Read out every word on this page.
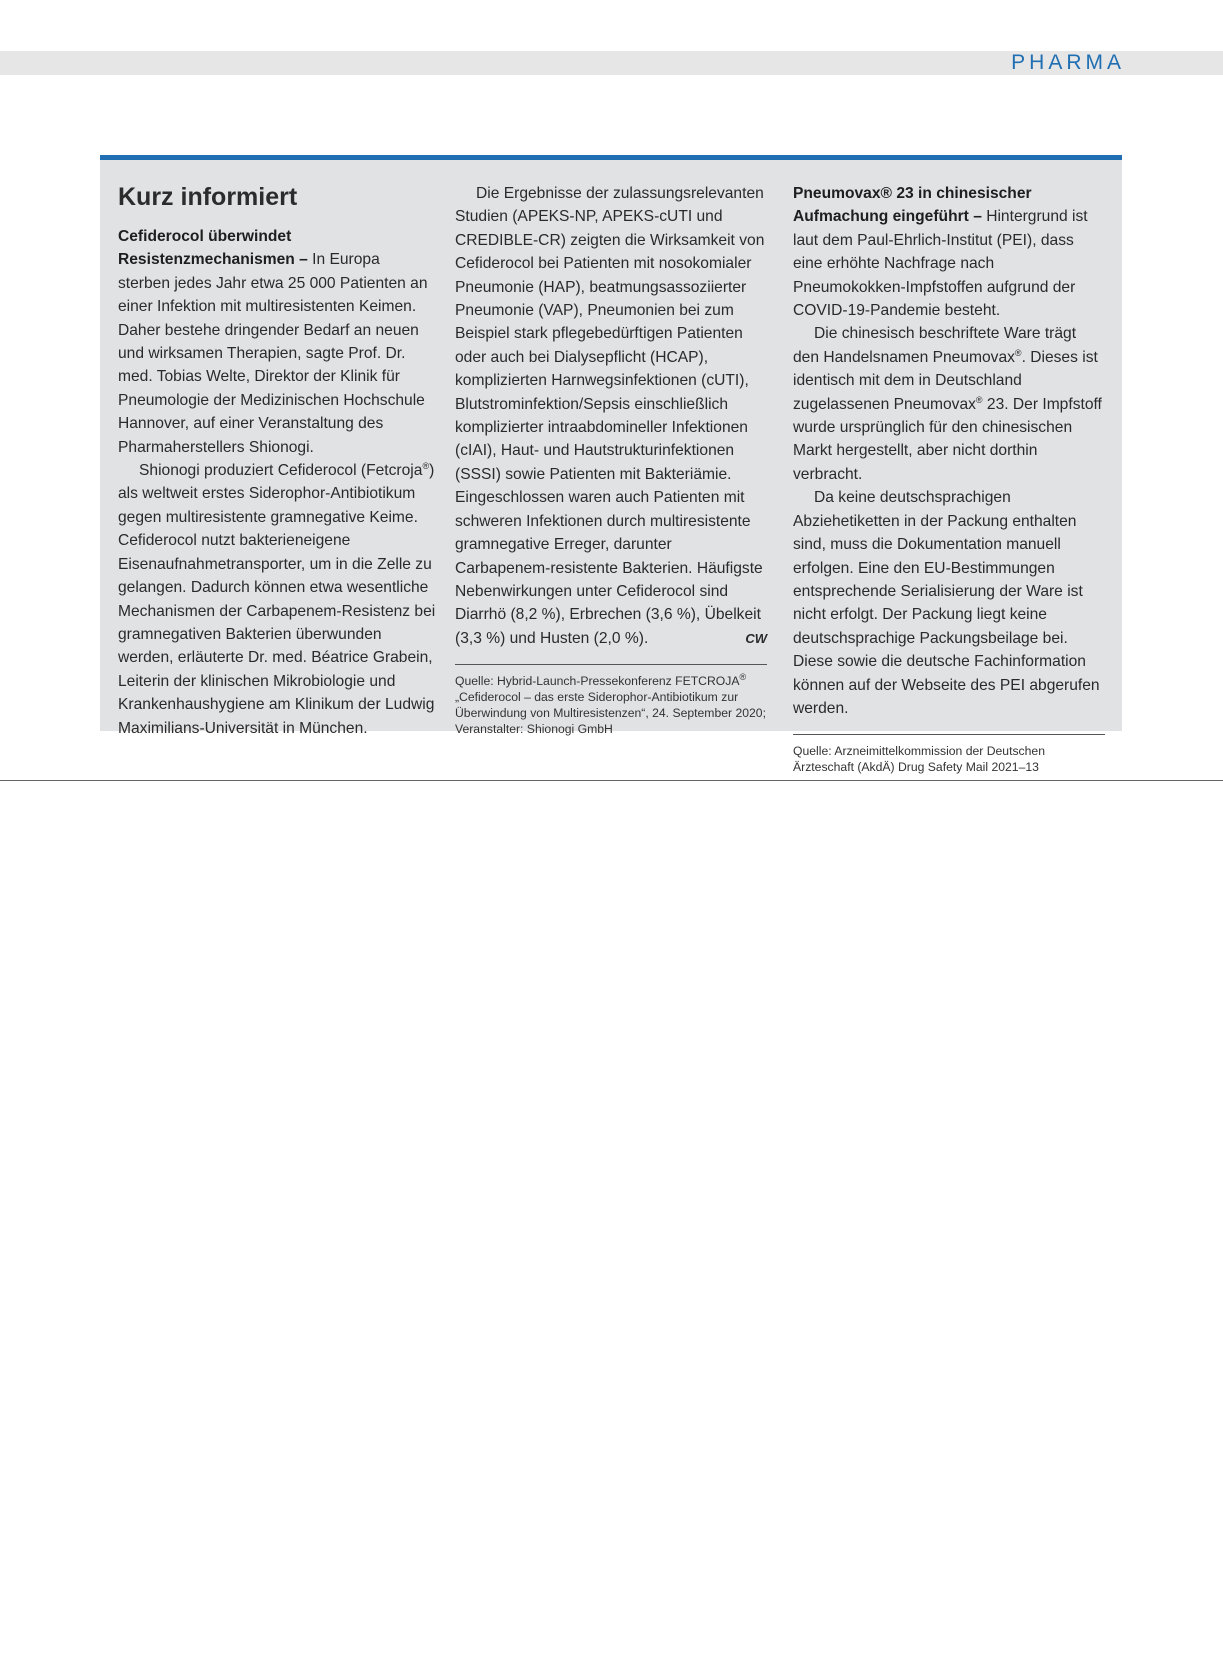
PHARMA
Kurz informiert

Cefiderocol überwindet Resistenzmechanismen – In Europa sterben jedes Jahr etwa 25 000 Patienten an einer Infektion mit multiresistenten Keimen. Daher bestehe dringender Bedarf an neuen und wirksamen Therapien, sagte Prof. Dr. med. Tobias Welte, Direktor der Klinik für Pneumologie der Medizinischen Hochschule Hannover, auf einer Veranstaltung des Pharmaherstellers Shionogi.

Shionogi produziert Cefiderocol (Fetcroja®) als weltweit erstes Siderophor-Antibiotikum gegen multiresistente gramnegative Keime. Cefiderocol nutzt bakterieneigene Eisenaufnahmetransporter, um in die Zelle zu gelangen. Dadurch können etwa wesentliche Mechanismen der Carbapenem-Resistenz bei gramnegativen Bakterien überwunden werden, erläuterte Dr. med. Béatrice Grabein, Leiterin der klinischen Mikrobiologie und Krankenhaushygiene am Klinikum der Ludwig Maximilians-Universität in München.

Die Ergebnisse der zulassungsrelevanten Studien (APEKS-NP, APEKS-cUTI und CREDIBLE-CR) zeigten die Wirksamkeit von Cefiderocol bei Patienten mit nosokomialer Pneumonie (HAP), beatmungsassoziierter Pneumonie (VAP), Pneumonien bei zum Beispiel stark pflegebedürftigen Patienten oder auch bei Dialysepflicht (HCAP), komplizierten Harnwegsinfektionen (cUTI), Blutstrominfektion/Sepsis einschließlich komplizierter intraabdomineller Infektionen (cIAI), Haut- und Hautstrukturinfektionen (SSSI) sowie Patienten mit Bakteriämie. Eingeschlossen waren auch Patienten mit schweren Infektionen durch multiresistente gramnegative Erreger, darunter Carbapenem-resistente Bakterien. Häufigste Nebenwirkungen unter Cefiderocol sind Diarrhö (8,2 %), Erbrechen (3,6 %), Übelkeit (3,3 %) und Husten (2,0 %).	CW

Quelle: Hybrid-Launch-Pressekonferenz FETCROJA® „Cefiderocol – das erste Siderophor-Antibiotikum zur Überwindung von Multiresistenzen“, 24. September 2020; Veranstalter: Shionogi GmbH

Pneumovax® 23 in chinesischer Aufmachung eingeführt – Hintergrund ist laut dem Paul-Ehrlich-Institut (PEI), dass eine erhöhte Nachfrage nach Pneumokokken-Impfstoffen aufgrund der COVID-19-Pandemie besteht.

Die chinesisch beschriftete Ware trägt den Handelsnamen Pneumovax®. Dieses ist identisch mit dem in Deutschland zugelassenen Pneumovax® 23. Der Impfstoff wurde ursprünglich für den chinesischen Markt hergestellt, aber nicht dorthin verbracht.

Da keine deutschsprachigen Abziehetiketten in der Packung enthalten sind, muss die Dokumentation manuell erfolgen. Eine den EU-Bestimmungen entsprechende Serialisierung der Ware ist nicht erfolgt. Der Packung liegt keine deutschsprachige Packungsbeilage bei. Diese sowie die deutsche Fachinformation können auf der Webseite des PEI abgerufen werden.

Quelle: Arzneimittelkommission der Deutschen Ärzteschaft (AkdÄ) Drug Safety Mail 2021–13
